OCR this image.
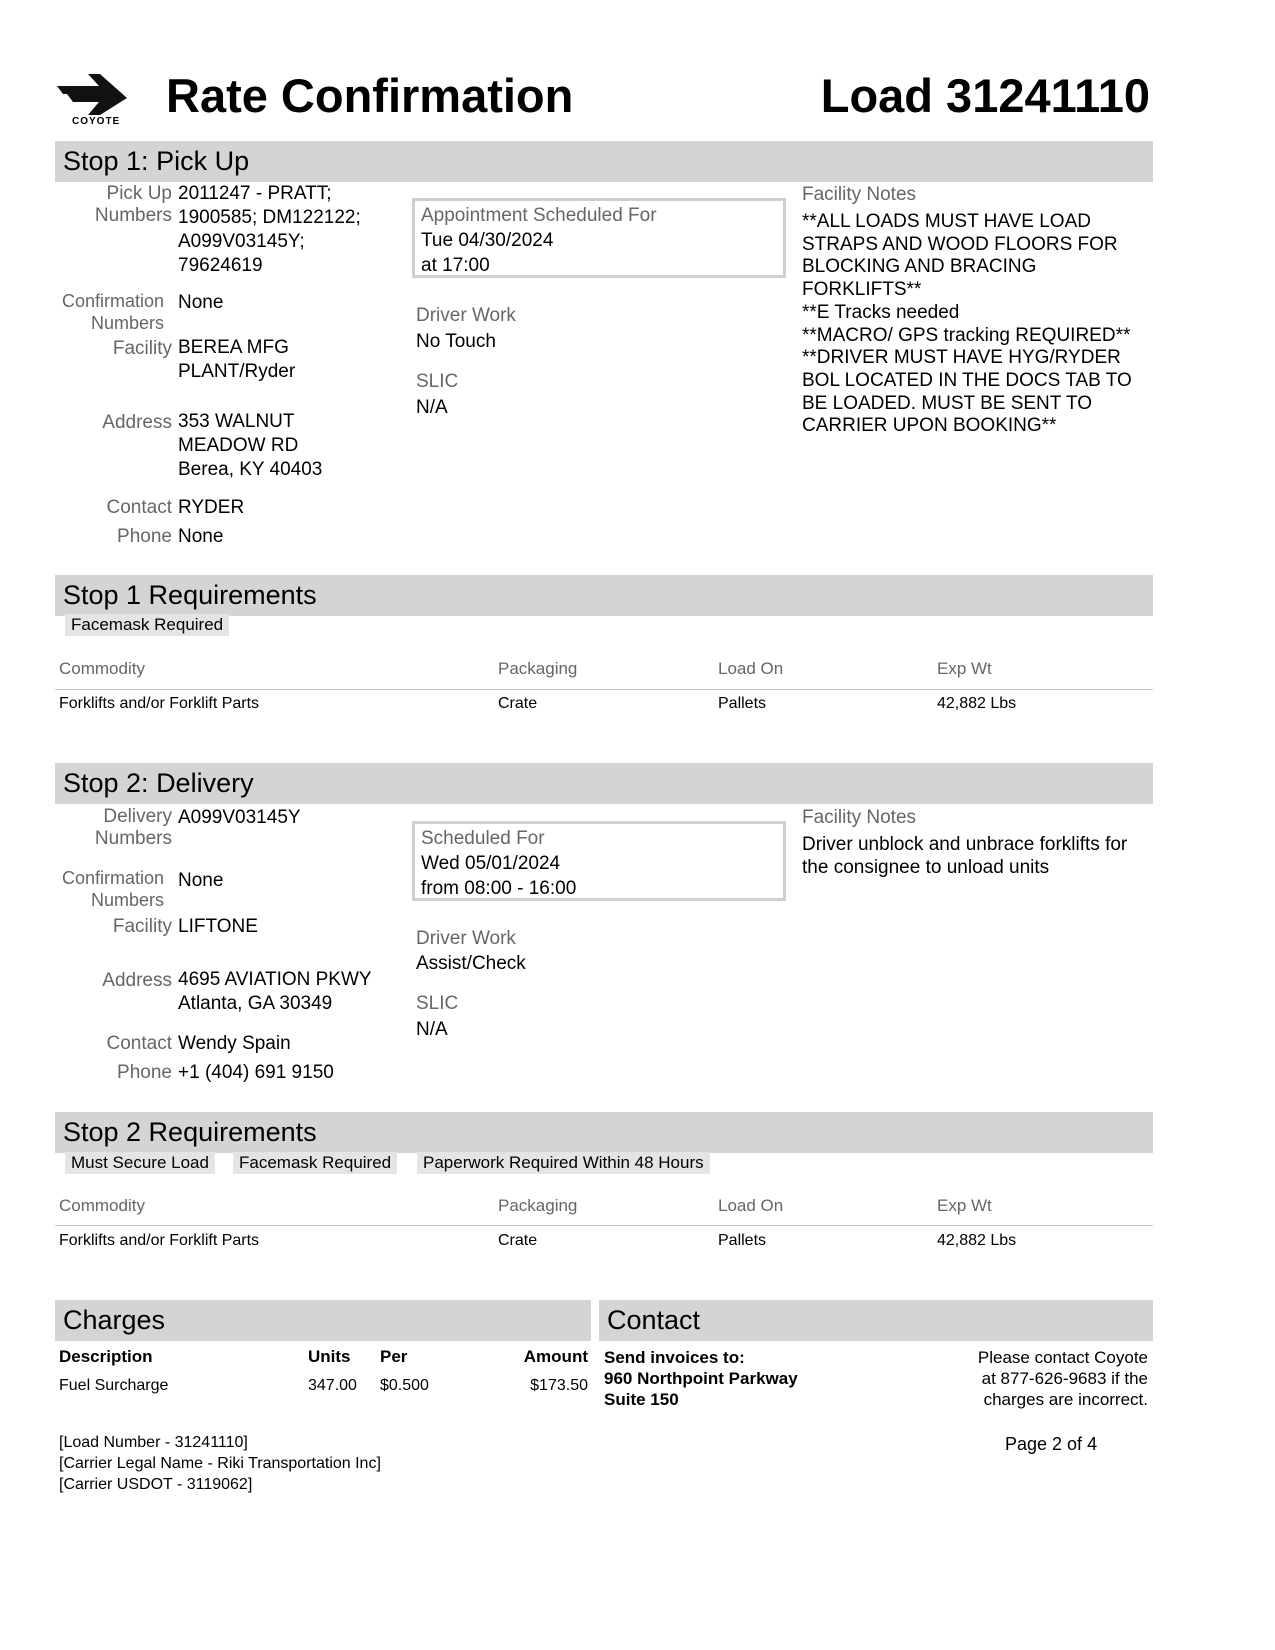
COYOTE Rate Confirmation	Load 31241110
Stop 1: Pick Up
Pick Up
Numbers
2011247 - PRATT;
1900585; DM122122;
A099V03145Y;
79624619
Confirmation
Numbers
None
Facility BEREA MFG
PLANT/Ryder
Address 353 WALNUT
MEADOW RD
Berea, KY 40403
Contact RYDER
Phone None
Appointment Scheduled For
Tue 04/30/2024
at 17:00
Driver Work
No Touch
SLIC
N/A
Facility Notes
**ALL LOADS MUST HAVE LOAD
STRAPS AND WOOD FLOORS FOR
BLOCKING AND BRACING
FORKLIFTS**
**E Tracks needed
**MACRO/ GPS tracking REQUIRED**
**DRIVER MUST HAVE HYG/RYDER
BOL LOCATED IN THE DOCS TAB TO
BE LOADED. MUST BE SENT TO
CARRIER UPON BOOKING**
Stop 1 Requirements
Facemask Required
Commodity	Packaging	Load On	Exp Wt
Forklifts and/or Forklift Parts	Crate	Pallets	42,882 Lbs
Stop 2: Delivery
Delivery
Numbers
A099V03145Y
Confirmation
Numbers
None
Facility LIFTONE
Address 4695 AVIATION PKWY
Atlanta, GA 30349
Contact Wendy Spain
Phone +1 (404) 691 9150
Scheduled For
Wed 05/01/2024
from 08:00 - 16:00
Driver Work
Assist/Check
SLIC
N/A
Facility Notes
Driver unblock and unbrace forklifts for
the consignee to unload units
Stop 2 Requirements
Must Secure Load	Facemask Required	Paperwork Required Within 48 Hours
Commodity	Packaging	Load On	Exp Wt
Forklifts and/or Forklift Parts	Crate	Pallets	42,882 Lbs
Charges
Description	Units Per	Amount
Fuel Surcharge	347.00 $0.500	$173.50
Contact
Send invoices to:
960 Northpoint Parkway
Suite 150
Please contact Coyote
at 877-626-9683 if the
charges are incorrect.
[Load Number - 31241110]
[Carrier Legal Name - Riki Transportation Inc]
[Carrier USDOT - 3119062]
Page 2 of 4
